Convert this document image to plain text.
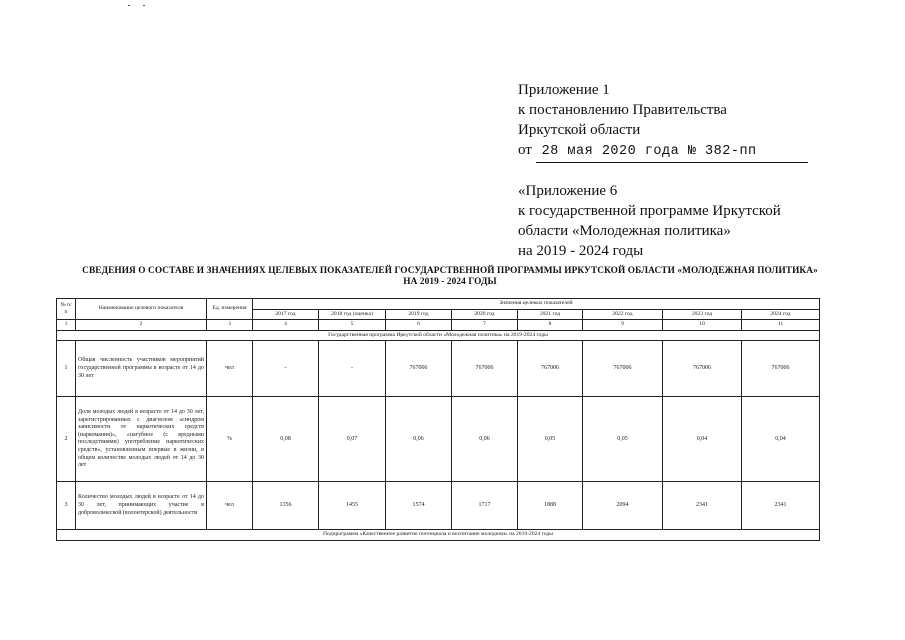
Приложение 1
к постановлению Правительства
Иркутской области
от 28 мая 2020 года № 382-пп
«Приложение 6
к государственной программе Иркутской
области «Молодежная политика»
на 2019 - 2024 годы
СВЕДЕНИЯ О СОСТАВЕ И ЗНАЧЕНИЯХ ЦЕЛЕВЫХ ПОКАЗАТЕЛЕЙ ГОСУДАРСТВЕННОЙ ПРОГРАММЫ ИРКУТСКОЙ ОБЛАСТИ «МОЛОДЕЖНАЯ ПОЛИТИКА»
НА 2019 - 2024 ГОДЫ
№ п/п	Наименование целевого показателя	Ед. измерения	Значения целевых показателей							
			2017 год	2018 год (оценка)	2019 год	2020 год	2021 год	2022 год	2023 год	2024 год
1	2	3	4	5	6	7	8	9	10	11
Государственная программа Иркутской области «Молодежная политика» на 2019-2024 годы										
1	Общая численность участников мероприятий государственной программы в возрасте от 14 до 30 лет	чел	-	-	767006	767006	767006	767006	767006	767006
2	Доля молодых людей в возрасте от 14 до 30 лет, зарегистрированных с диагнозом «синдром зависимости от наркотических средств (наркомания)», «пагубное (с вредными последствиями) употребление наркотических средств», установленным впервые в жизни, в общем количестве молодых людей от 14 до 30 лет	%	0,08	0,07	0,06	0,06	0,05	0,05	0,04	0,04
3	Количество молодых людей в возрасте от 14 до 30 лет, принимающих участие в добровольческой (волонтерской) деятельности	чел	1356	1455	1574	1717	1888	2094	2341	2341
Подпрограмма «Качественное развитие потенциала и воспитание молодежи» на 2019-2024 годы										
